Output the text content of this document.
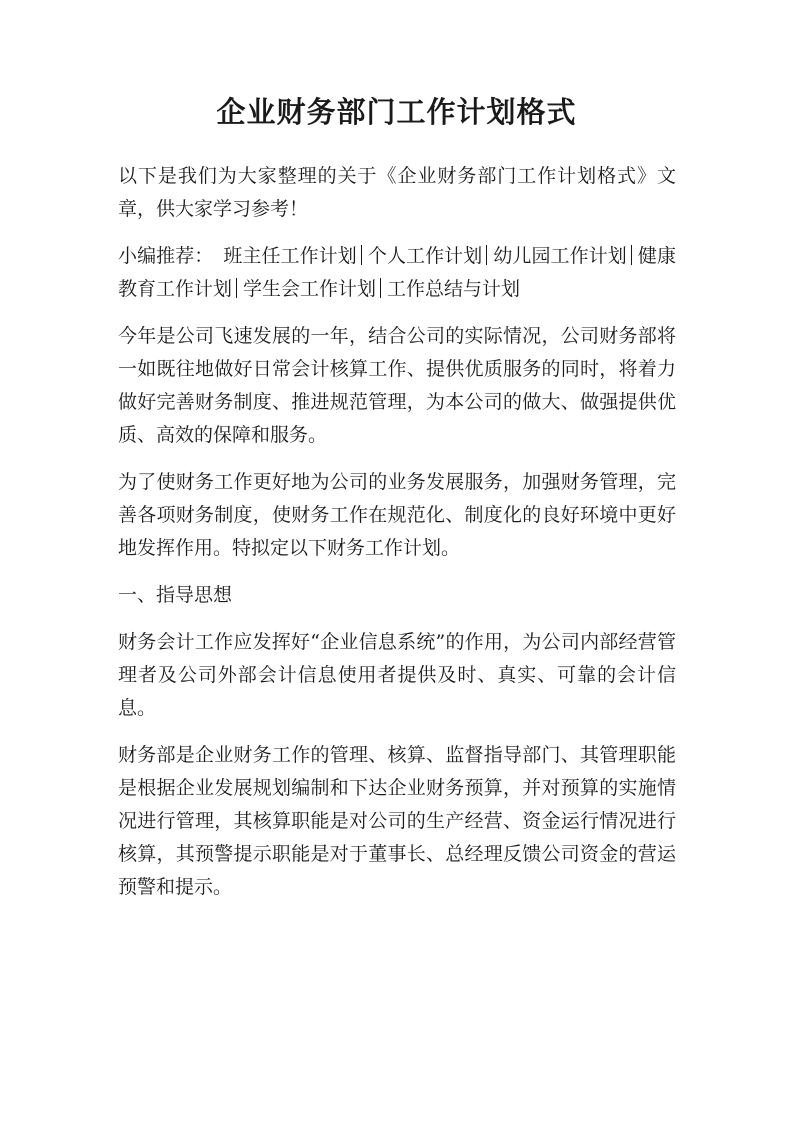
企业财务部门工作计划格式

以下是我们为大家整理的关于《企业财务部门工作计划格式》文章，供大家学习参考！

小编推荐： 班主任工作计划 个人工作计划 幼儿园工作计划 健康教育工作计划 学生会工作计划 工作总结与计划

今年是公司飞速发展的一年，结合公司的实际情况，公司财务部将一如既往地做好日常会计核算工作、提供优质服务的同时，将着力做好完善财务制度、推进规范管理，为本公司的做大、做强提供优质、高效的保障和服务。

为了使财务工作更好地为公司的业务发展服务，加强财务管理，完善各项财务制度，使财务工作在规范化、制度化的良好环境中更好地发挥作用。特拟定以下财务工作计划。

一、指导思想

财务会计工作应发挥好“企业信息系统”的作用，为公司内部经营管理者及公司外部会计信息使用者提供及时、真实、可靠的会计信息。

财务部是企业财务工作的管理、核算、监督指导部门、其管理职能是根据企业发展规划编制和下达企业财务预算，并对预算的实施情况进行管理，其核算职能是对公司的生产经营、资金运行情况进行核算，其预警提示职能是对于董事长、总经理反馈公司资金的营运预警和提示。
